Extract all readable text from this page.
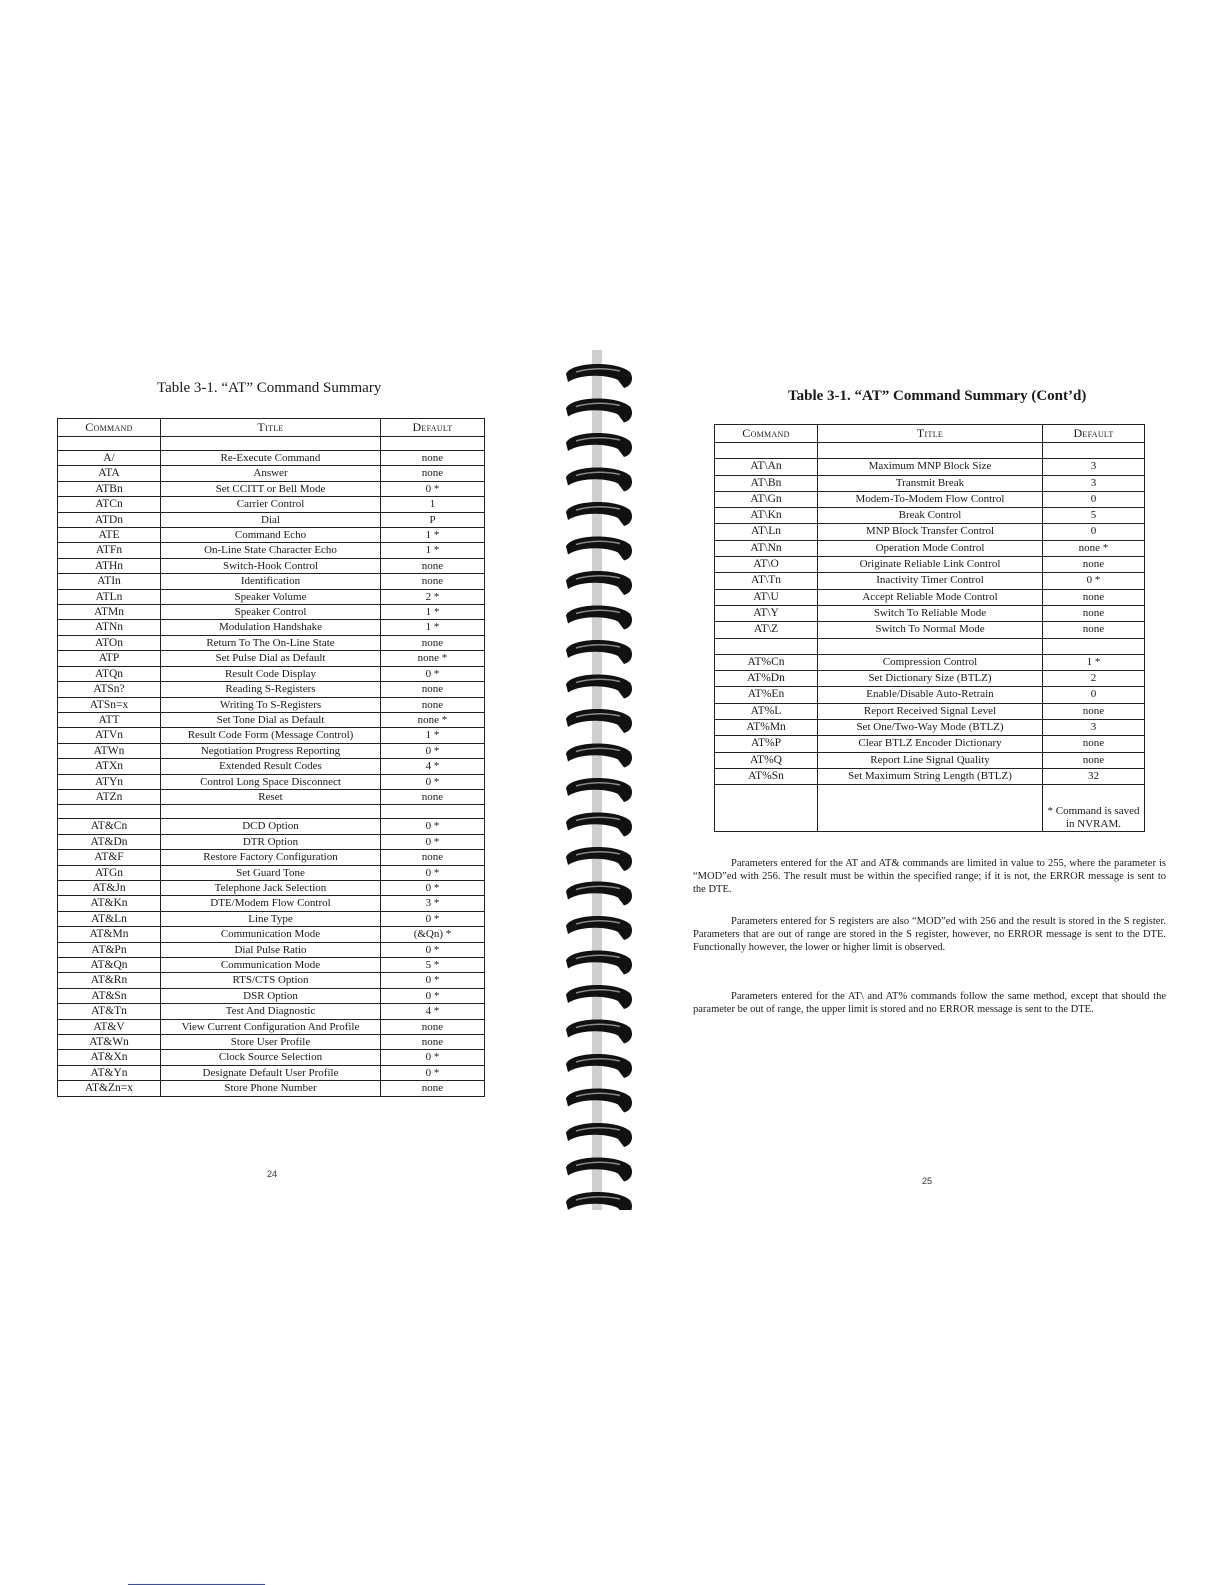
Table 3-1. “AT” Command Summary
Command	Title	Default

A/	Re-Execute Command	none
ATA	Answer	none
ATBn	Set CCITT or Bell Mode	0 *
ATCn	Carrier Control	1
ATDn	Dial	P
ATE	Command Echo	1 *
ATFn	On-Line State Character Echo	1 *
ATHn	Switch-Hook Control	none
ATIn	Identification	none
ATLn	Speaker Volume	2 *
ATMn	Speaker Control	1 *
ATNn	Modulation Handshake	1 *
ATOn	Return To The On-Line State	none
ATP	Set Pulse Dial as Default	none *
ATQn	Result Code Display	0 *
ATSn?	Reading S-Registers	none
ATSn=x	Writing To S-Registers	none
ATT	Set Tone Dial as Default	none *
ATVn	Result Code Form (Message Control)	1 *
ATWn	Negotiation Progress Reporting	0 *
ATXn	Extended Result Codes	4 *
ATYn	Control Long Space Disconnect	0 *
ATZn	Reset	none

AT&Cn	DCD Option	0 *
AT&Dn	DTR Option	0 *
AT&F	Restore Factory Configuration	none
ATGn	Set Guard Tone	0 *
AT&Jn	Telephone Jack Selection	0 *
AT&Kn	DTE/Modem Flow Control	3 *
AT&Ln	Line Type	0 *
AT&Mn	Communication Mode	(&Qn) *
AT&Pn	Dial Pulse Ratio	0 *
AT&Qn	Communication Mode	5 *
AT&Rn	RTS/CTS Option	0 *
AT&Sn	DSR Option	0 *
AT&Tn	Test And Diagnostic	4 *
AT&V	View Current Configuration And Profile	none
AT&Wn	Store User Profile	none
AT&Xn	Clock Source Selection	0 *
AT&Yn	Designate Default User Profile	0 *
AT&Zn=x	Store Phone Number	none
24
Table 3-1. “AT” Command Summary (Cont’d)
Command	Title	Default

AT\An	Maximum MNP Block Size	3
AT\Bn	Transmit Break	3
AT\Gn	Modem-To-Modem Flow Control	0
AT\Kn	Break Control	5
AT\Ln	MNP Block Transfer Control	0
AT\Nn	Operation Mode Control	none *
AT\O	Originate Reliable Link Control	none
AT\Tn	Inactivity Timer Control	0 *
AT\U	Accept Reliable Mode Control	none
AT\Y	Switch To Reliable Mode	none
AT\Z	Switch To Normal Mode	none

AT%Cn	Compression Control	1 *
AT%Dn	Set Dictionary Size (BTLZ)	2
AT%En	Enable/Disable Auto-Retrain	0
AT%L	Report Received Signal Level	none
AT%Mn	Set One/Two-Way Mode (BTLZ)	3
AT%P	Clear BTLZ Encoder Dictionary	none
AT%Q	Report Line Signal Quality	none
AT%Sn	Set Maximum String Length (BTLZ)	32
		* Command is saved in NVRAM.

Parameters entered for the AT and AT& commands are limited in value to 255, where the parameter is “MOD”ed with 256. The result must be within the specified range; if it is not, the ERROR message is sent to the DTE.

Parameters entered for S registers are also “MOD”ed with 256 and the result is stored in the S register. Parameters that are out of range are stored in the S register, however, no ERROR message is sent to the DTE. Functionally however, the lower or higher limit is observed.

Parameters entered for the AT\ and AT% commands follow the same method, except that should the parameter be out of range, the upper limit is stored and no ERROR message is sent to the DTE.

25
